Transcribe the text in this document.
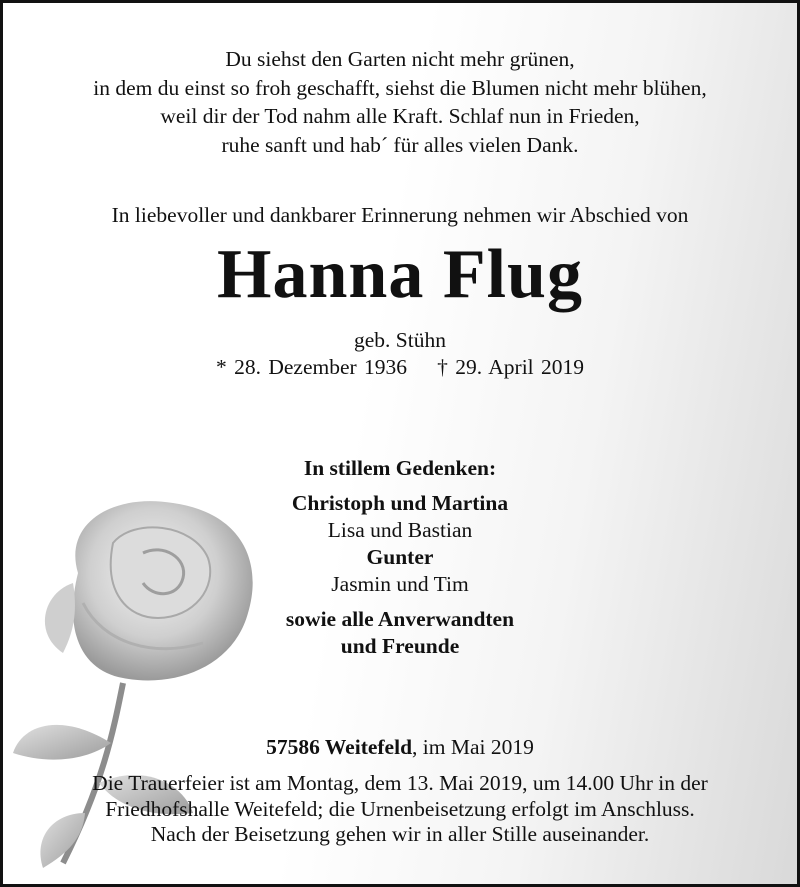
Du siehst den Garten nicht mehr grünen,
in dem du einst so froh geschafft, siehst die Blumen nicht mehr blühen,
weil dir der Tod nahm alle Kraft. Schlaf nun in Frieden,
ruhe sanft und hab´ für alles vielen Dank.
In liebevoller und dankbarer Erinnerung nehmen wir Abschied von
Hanna Flug
geb. Stühn
* 28. Dezember 1936 † 29. April 2019
In stillem Gedenken:
Christoph und Martina
Lisa und Bastian
Gunter
Jasmin und Tim
sowie alle Anverwandten
und Freunde
57586 Weitefeld, im Mai 2019
Die Trauerfeier ist am Montag, dem 13. Mai 2019, um 14.00 Uhr in der
Friedhofshalle Weitefeld; die Urnenbeisetzung erfolgt im Anschluss.
Nach der Beisetzung gehen wir in aller Stille auseinander.
